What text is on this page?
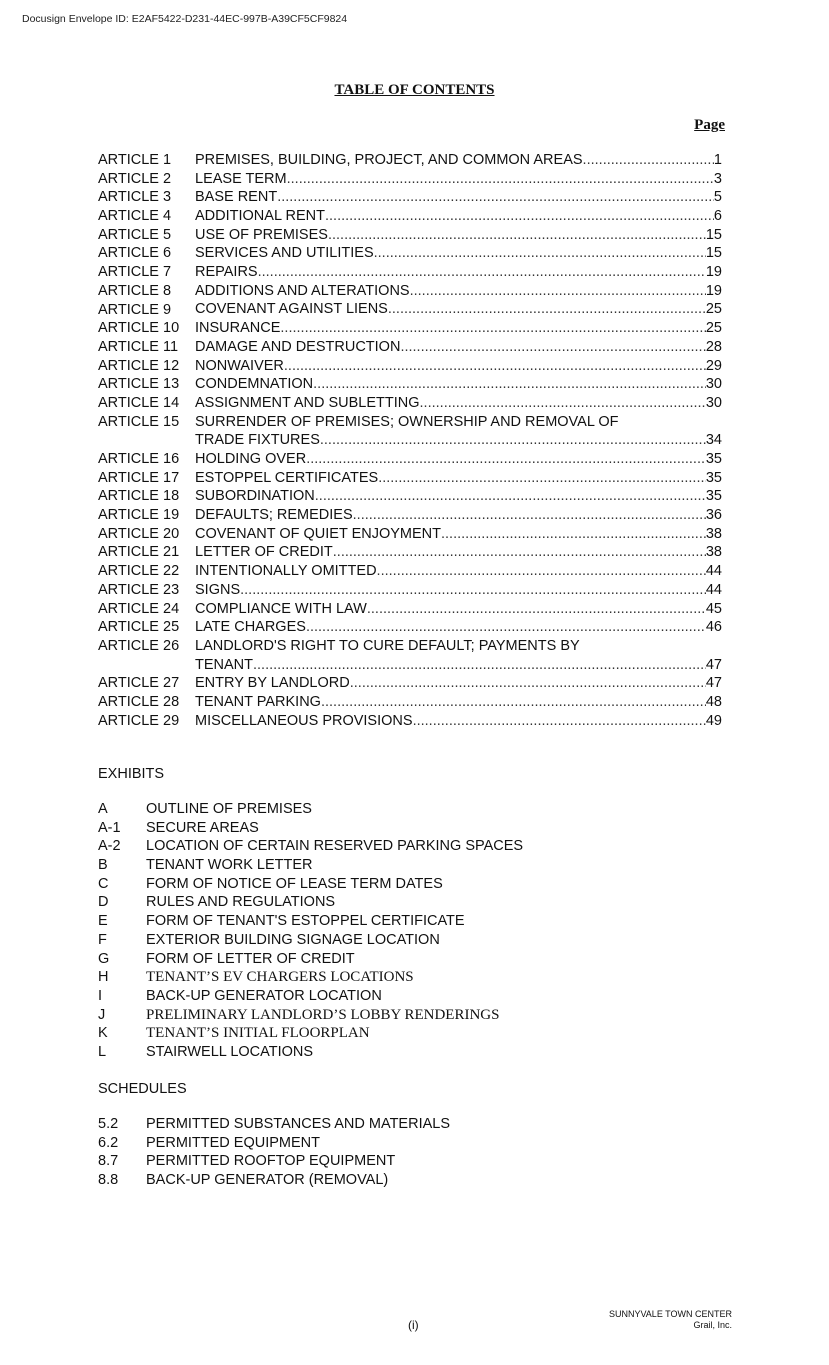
Docusign Envelope ID: E2AF5422-D231-44EC-997B-A39CF5CF9824
TABLE OF CONTENTS
Page
ARTICLE 1	PREMISES, BUILDING, PROJECT, AND COMMON AREAS .....	1
ARTICLE 2	LEASE TERM .....	3
ARTICLE 3	BASE RENT .....	5
ARTICLE 4	ADDITIONAL RENT .....	6
ARTICLE 5	USE OF PREMISES .....	15
ARTICLE 6	SERVICES AND UTILITIES .....	15
ARTICLE 7	REPAIRS .....	19
ARTICLE 8	ADDITIONS AND ALTERATIONS .....	19
ARTICLE 9	COVENANT AGAINST LIENS .....	25
ARTICLE 10	INSURANCE .....	25
ARTICLE 11	DAMAGE AND DESTRUCTION .....	28
ARTICLE 12	NONWAIVER .....	29
ARTICLE 13	CONDEMNATION .....	30
ARTICLE 14	ASSIGNMENT AND SUBLETTING .....	30
ARTICLE 15	SURRENDER OF PREMISES; OWNERSHIP AND REMOVAL OF
TRADE FIXTURES .....	34
ARTICLE 16	HOLDING OVER .....	35
ARTICLE 17	ESTOPPEL CERTIFICATES .....	35
ARTICLE 18	SUBORDINATION .....	35
ARTICLE 19	DEFAULTS; REMEDIES .....	36
ARTICLE 20	COVENANT OF QUIET ENJOYMENT .....	38
ARTICLE 21	LETTER OF CREDIT .....	38
ARTICLE 22	INTENTIONALLY OMITTED .....	44
ARTICLE 23	SIGNS .....	44
ARTICLE 24	COMPLIANCE WITH LAW .....	45
ARTICLE 25	LATE CHARGES .....	46
ARTICLE 26	LANDLORD'S RIGHT TO CURE DEFAULT; PAYMENTS BY
TENANT .....	47
ARTICLE 27	ENTRY BY LANDLORD .....	47
ARTICLE 28	TENANT PARKING .....	48
ARTICLE 29	MISCELLANEOUS PROVISIONS .....	49
EXHIBITS
A	OUTLINE OF PREMISES
A-1	SECURE AREAS
A-2	LOCATION OF CERTAIN RESERVED PARKING SPACES
B	TENANT WORK LETTER
C	FORM OF NOTICE OF LEASE TERM DATES
D	RULES AND REGULATIONS
E	FORM OF TENANT'S ESTOPPEL CERTIFICATE
F	EXTERIOR BUILDING SIGNAGE LOCATION
G	FORM OF LETTER OF CREDIT
H	TENANT’S EV CHARGERS LOCATIONS
I	BACK-UP GENERATOR LOCATION
J	PRELIMINARY LANDLORD’S LOBBY RENDERINGS
K	TENANT’S INITIAL FLOORPLAN
L	STAIRWELL LOCATIONS
SCHEDULES
5.2	PERMITTED SUBSTANCES AND MATERIALS
6.2	PERMITTED EQUIPMENT
8.7	PERMITTED ROOFTOP EQUIPMENT
8.8	BACK-UP GENERATOR (REMOVAL)
(i)
SUNNYVALE TOWN CENTER
Grail, Inc.
